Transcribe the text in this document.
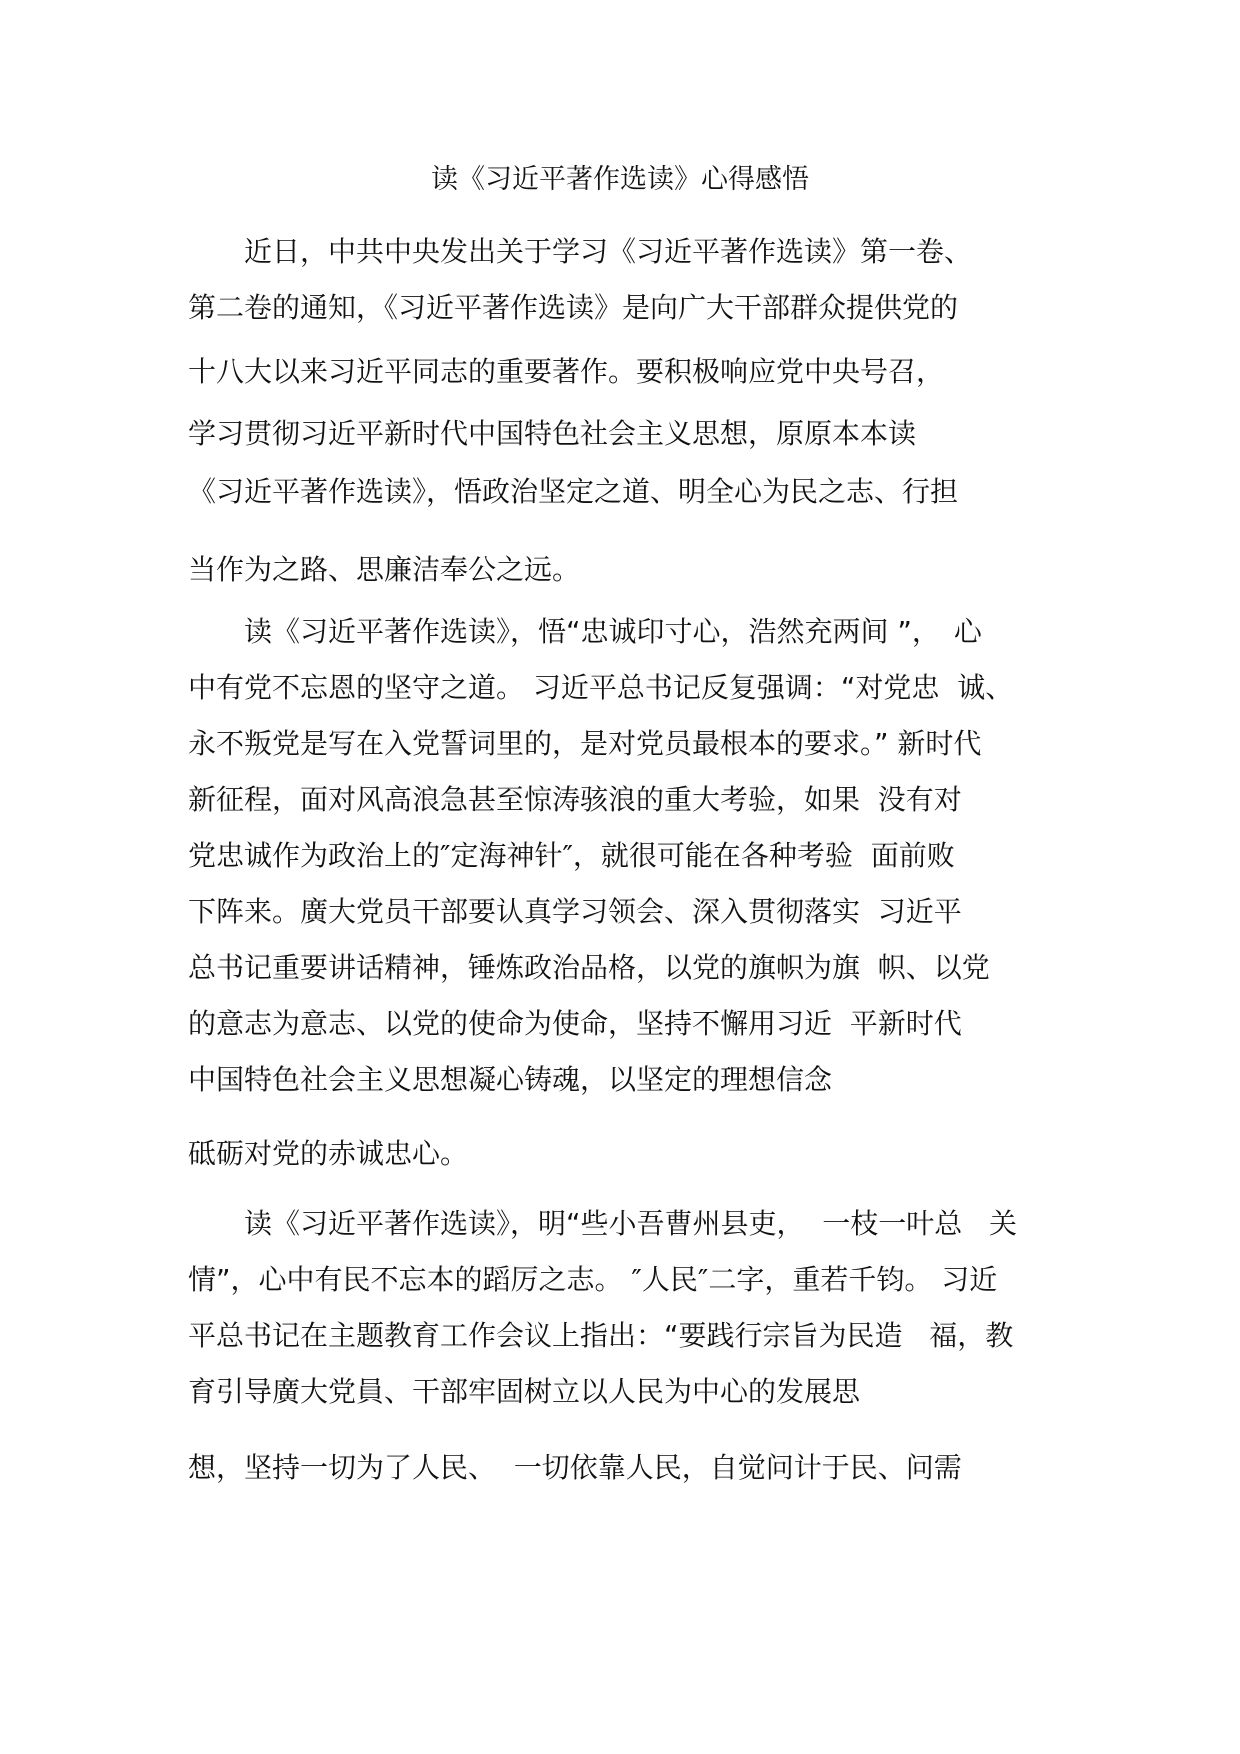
读《习近平著作选读》心得感悟
　　近日，中共中央发出关于学习《习近平著作选读》第一卷、
第二卷的通知，《习近平著作选读》是向广大干部群众提供党的
十八大以来习近平同志的重要著作。要积极响应党中央号召，
学习贯彻习近平新时代中国特色社会主义思想，原原本本读
《习近平著作选读》，悟政治坚定之道、明全心为民之志、行担
当作为之路、思廉洁奉公之远。
　　读《习近平著作选读》，悟“忠诚印寸心，浩然充两间 ”，　心
中有党不忘恩的坚守之道。 习近平总书记反复强调：“对党忠  诚、
永不叛党是写在入党誓词里的，是对党员最根本的要求。” 新时代
新征程，面对风高浪急甚至惊涛骇浪的重大考验，如果  没有对
党忠诚作为政治上的″定海神针″，就很可能在各种考验  面前败
下阵来。廣大党员干部要认真学习领会、深入贯彻落实  习近平
总书记重要讲话精神，锤炼政治品格，以党的旗帜为旗  帜、以党
的意志为意志、以党的使命为使命，坚持不懈用习近  平新时代
中国特色社会主义思想凝心铸魂，以坚定的理想信念
砥砺对党的赤诚忠心。
　　读《习近平著作选读》，明“些小吾曹州县吏，  一枝一叶总   关
情”，心中有民不忘本的蹈厉之志。 ″人民″二字，重若千钧。 习近
平总书记在主题教育工作会议上指出：“要践行宗旨为民造   福，教
育引导廣大党員、干部牢固树立以人民为中心的发展思
想，坚持一切为了人民、  一切依靠人民，自觉问计于民、问需
